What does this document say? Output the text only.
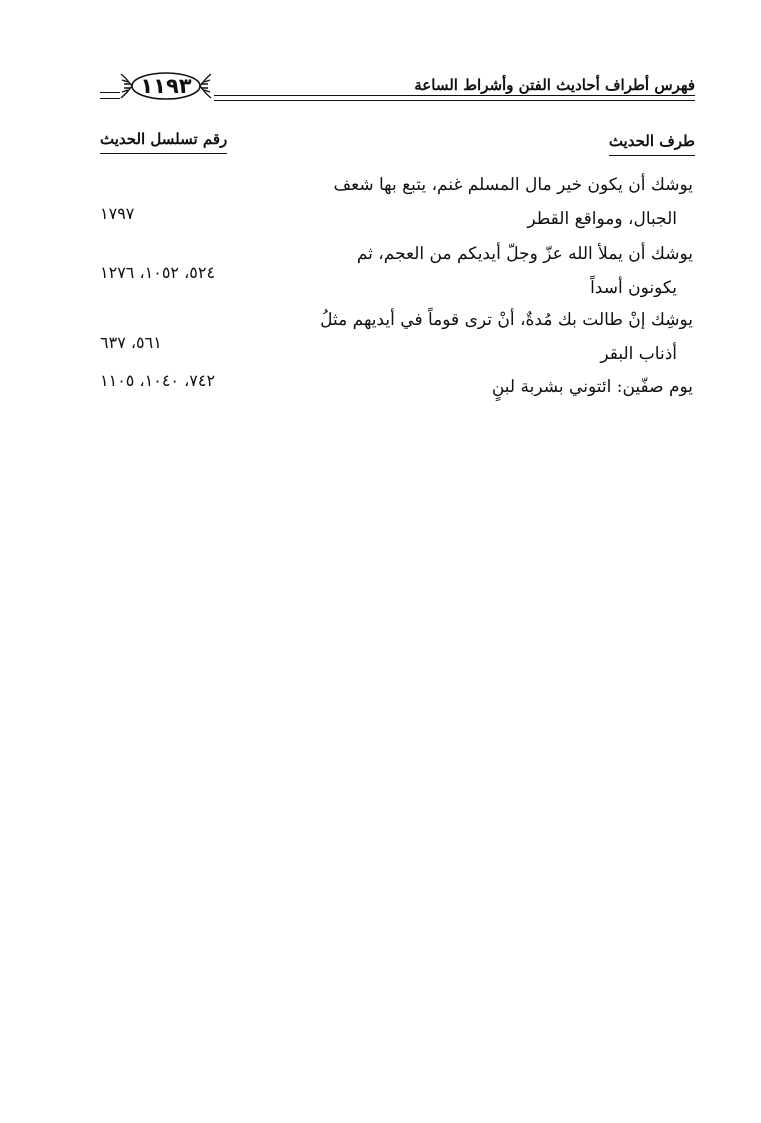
فهرس أطراف أحاديث الفتن وأشراط الساعة
١١٩٣
طرف الحديث
رقم تسلسل الحديث
يوشك أن يكون خير مال المسلم غنم، يتبع بها شعف
الجبال، ومواقع القطر
١٧٩٧
يوشك أن يملأ الله عزّ وجلّ أيديكم من العجم، ثم
يكونون أسداً
٥٢٤، ١٠٥٢، ١٢٧٦
يوشِك إنْ طالت بك مُدةٌ، أنْ ترى قوماً في أيديهم مثلُ
أذناب البقر
٥٦١، ٦٣٧
يوم صفّين: ائتوني بشربة لبنٍ
٧٤٢، ١٠٤٠، ١١٠٥
